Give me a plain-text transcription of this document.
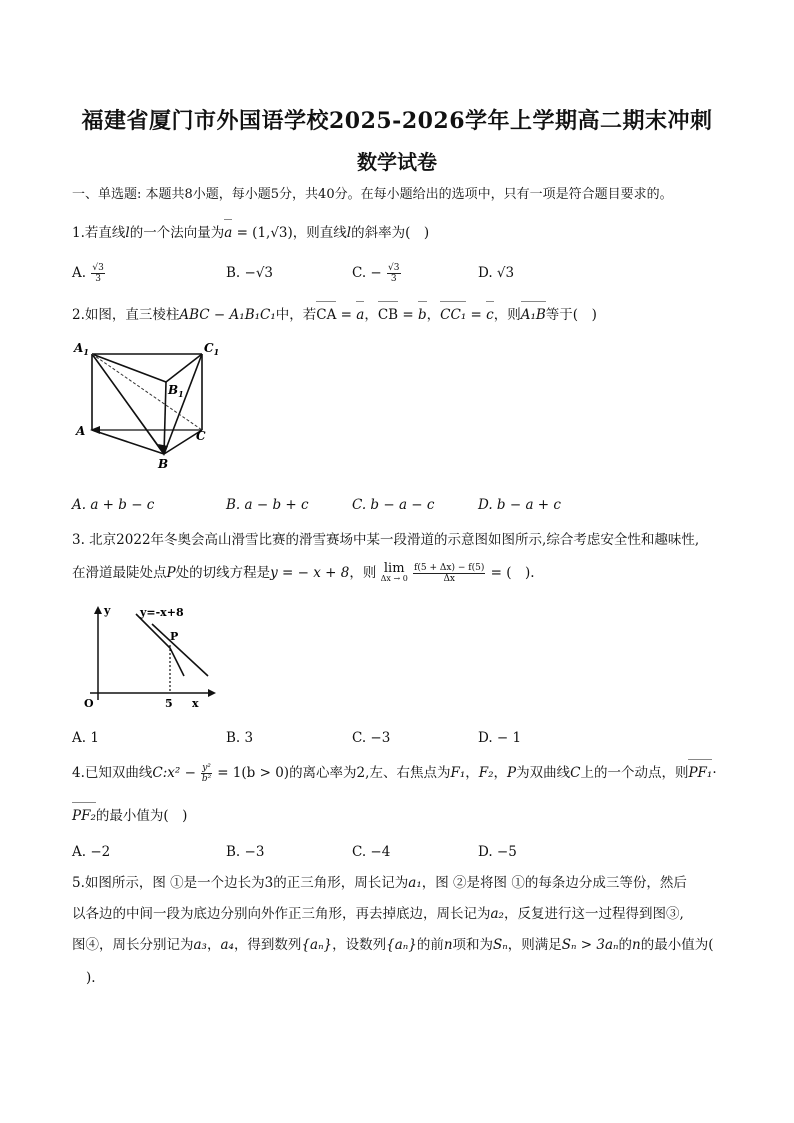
福建省厦门市外国语学校2025-2026学年上学期高二期末冲刺
数学试卷
一、单选题: 本题共8小题，每小题5分，共40分。在每小题给出的选项中，只有一项是符合题目要求的。
1.若直线l的一个法向量为a = (1,√3)，则直线l的斜率为(　)
A. $\frac{√3}{3}$	B. −√3	C. − $\frac{√3}{3}$	D. √3
2.如图，直三棱柱ABC − A₁B₁C₁中，若CA = a，CB = b，CC₁ = c，则A₁B等于(　)
$A_1$	$C_1$
$B_1$
A	C
B
A. a + b − c	B. a − b + c	C. b − a − c	D. b − a + c
3. 北京2022年冬奥会高山滑雪比赛的滑雪赛场中某一段滑道的示意图如图所示,综合考虑安全性和趣味性,
在滑道最陡处点P处的切线方程是y = − x + 8，则 lim
Δx → 0
$\frac{f(5 + \Delta x) - f(5)}{\Delta x}$ = (　).
y	y=-x+8
P
O	5 x
A. 1	B. 3	C. −3	D. − 1
4.已知双曲线C:x² − $\frac{\text{y²}}{\text{b²}} = 1(b > 0)$的离心率为2,左、右焦点为F₁，F₂，P为双曲线C上的一个动点，则PF₁·
PF₂的最小值为(　)
A. −2	B. −3	C. −4	D. −5
5.如图所示，图 ①是一个边长为3的正三角形，周长记为a₁，图 ②是将图 ①的每条边分成三等份，然后
以各边的中间一段为底边分别向外作正三角形，再去掉底边，周长记为a₂，反复进行这一过程得到图③,
图④，周长分别记为a₃，a₄，得到数列{aₙ}，设数列{aₙ}的前n项和为Sₙ，则满足Sₙ > 3aₙ的n的最小值为(
).
